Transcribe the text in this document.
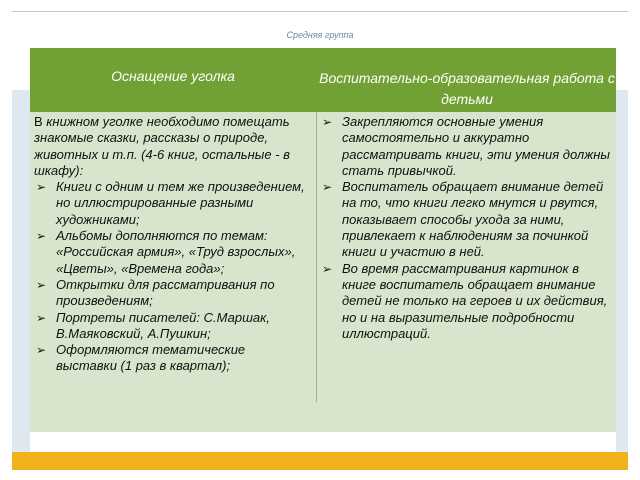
Средняя группа
Оснащение уголка	Воспитательно-образовательная работа с детьми
В книжном уголке необходимо помещать знакомые сказки, рассказы о природе, животных и т.п. (4-6 книг, остальные - в шкафу):
➢ Книги с одним и тем же произведением, но иллюстрированные разными художниками;
➢ Альбомы дополняются по темам: «Российская армия», «Труд взрослых», «Цветы», «Времена года»;
➢ Открытки для рассматривания по произведениям;
➢ Портреты писателей: С.Маршак, В.Маяковский, А.Пушкин;
➢ Оформляются тематические выставки (1 раз в квартал);
➢ Закрепляются основные умения самостоятельно и аккуратно рассматривать книги, эти умения должны стать привычкой.
➢ Воспитатель обращает внимание детей на то, что книги легко мнутся и рвутся, показывает способы ухода за ними, привлекает к наблюдениям за починкой книги и участию в ней.
➢ Во время рассматривания картинок в книге воспитатель обращает внимание детей не только на героев и их действия, но и на выразительные подробности иллюстраций.
